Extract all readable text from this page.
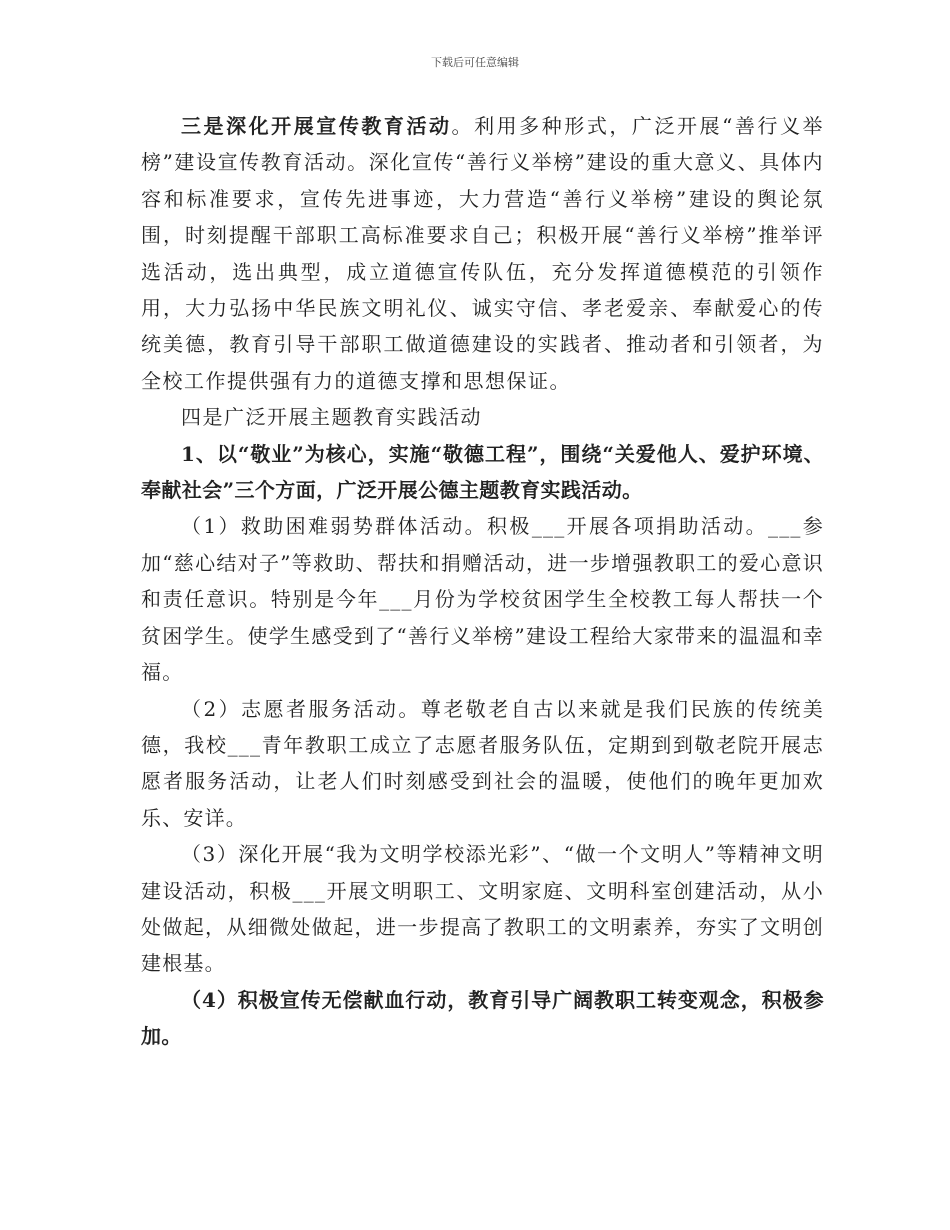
下载后可任意编辑

三是深化开展宣传教育活动。利用多种形式，广泛开展“善行义举榜”建设宣传教育活动。深化宣传“善行义举榜”建设的重大意义、具体内容和标准要求，宣传先进事迹，大力营造“善行义举榜”建设的舆论氛围，时刻提醒干部职工高标准要求自己；积极开展“善行义举榜”推举评选活动，选出典型，成立道德宣传队伍，充分发挥道德模范的引领作用，大力弘扬中华民族文明礼仪、诚实守信、孝老爱亲、奉献爱心的传统美德，教育引导干部职工做道德建设的实践者、推动者和引领者，为全校工作提供强有力的道德支撑和思想保证。

四是广泛开展主题教育实践活动

1、以“敬业”为核心，实施“敬德工程”，围绕“关爱他人、爱护环境、奉献社会”三个方面，广泛开展公德主题教育实践活动。

（1）救助困难弱势群体活动。积极___开展各项捐助活动。___参加“慈心结对子”等救助、帮扶和捐赠活动，进一步增强教职工的爱心意识和责任意识。特别是今年___月份为学校贫困学生全校教工每人帮扶一个贫困学生。使学生感受到了“善行义举榜”建设工程给大家带来的温温和幸福。

（2）志愿者服务活动。尊老敬老自古以来就是我们民族的传统美德，我校___青年教职工成立了志愿者服务队伍，定期到到敬老院开展志愿者服务活动，让老人们时刻感受到社会的温暖，使他们的晚年更加欢乐、安详。

（3）深化开展“我为文明学校添光彩”、“做一个文明人”等精神文明建设活动，积极___开展文明职工、文明家庭、文明科室创建活动，从小处做起，从细微处做起，进一步提高了教职工的文明素养，夯实了文明创建根基。

（4）积极宣传无偿献血行动，教育引导广阔教职工转变观念，积极参加。
